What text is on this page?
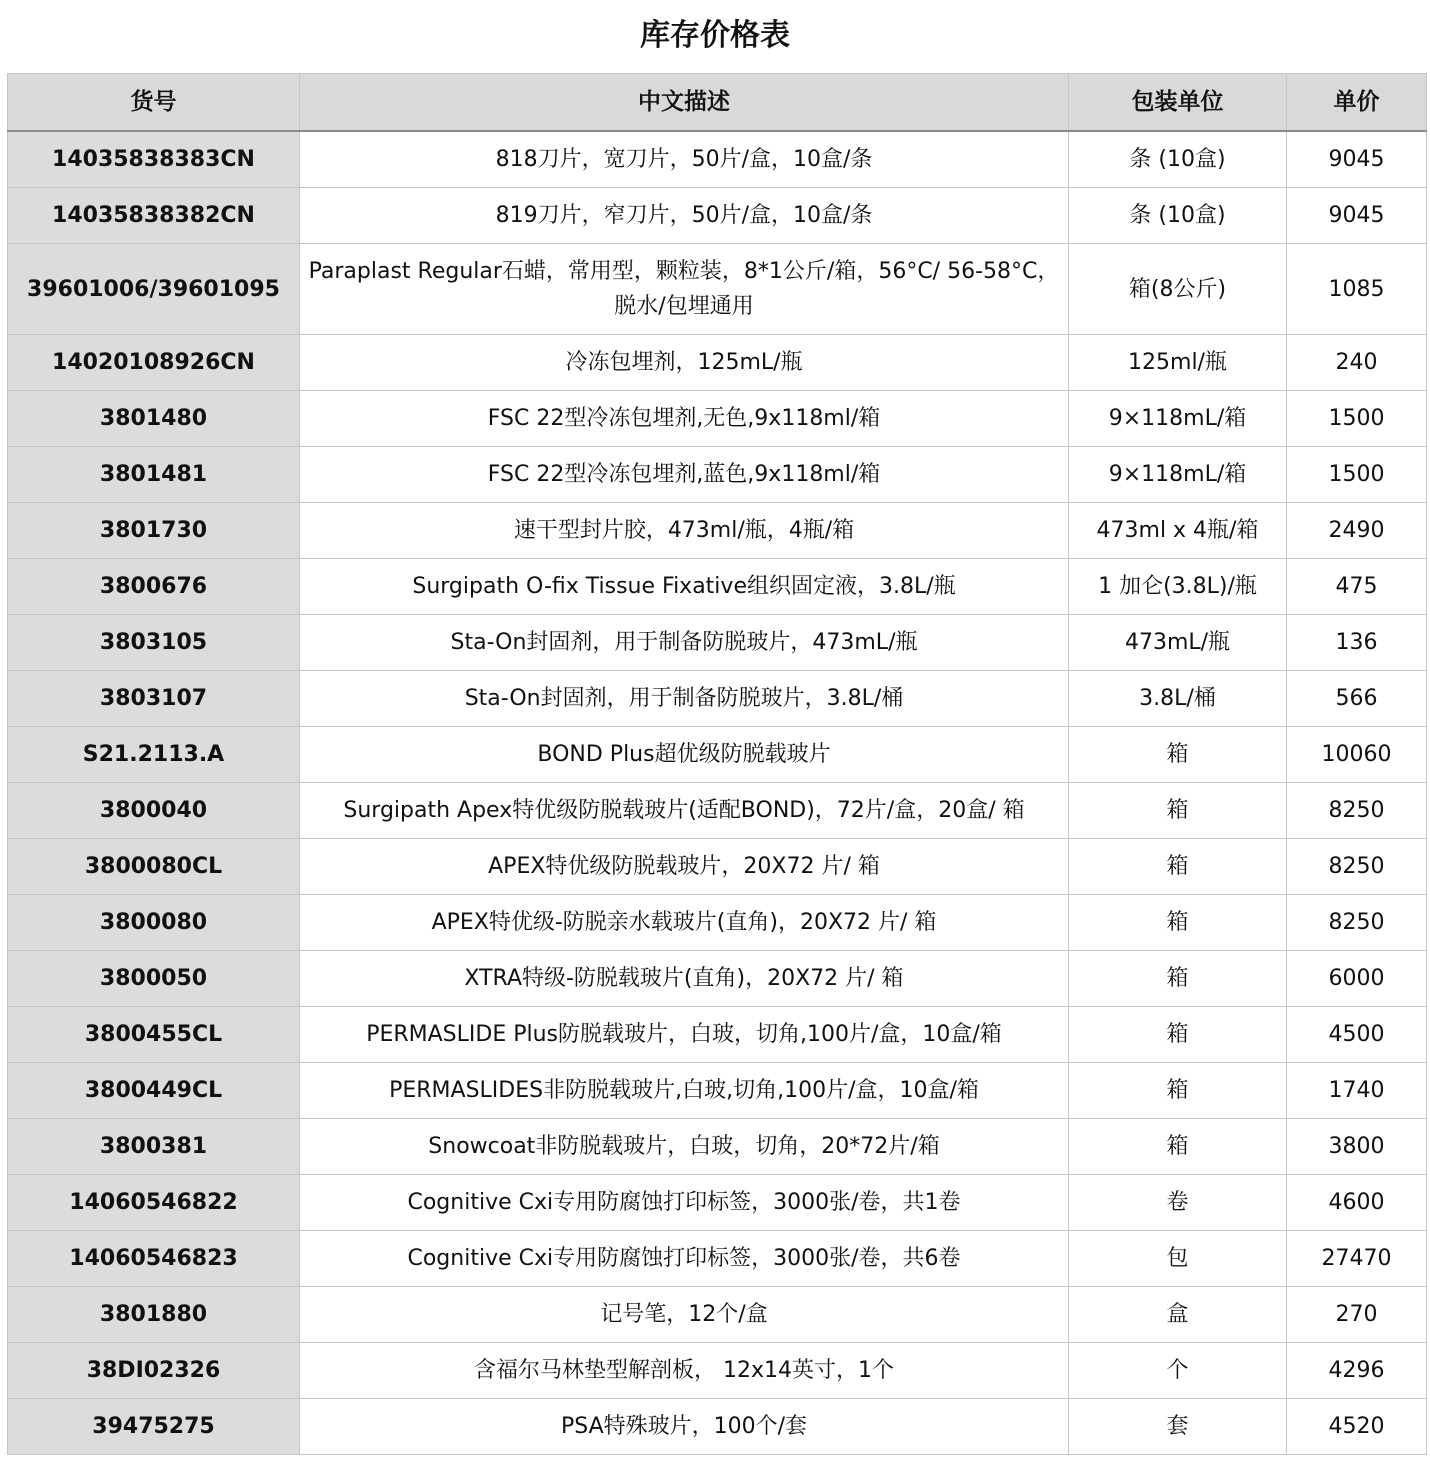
库存价格表
货号	中文描述	包装单位	单价
14035838383CN	818刀片，宽刀片，50片/盒，10盒/条	条 (10盒)	9045
14035838382CN	819刀片，窄刀片，50片/盒，10盒/条	条 (10盒)	9045
39601006/39601095	Paraplast Regular石蜡，常用型，颗粒装，8*1公斤/箱，56°C/ 56-58°C，脱水/包埋通用	箱(8公斤)	1085
14020108926CN	冷冻包埋剂，125mL/瓶	125ml/瓶	240
3801480	FSC 22型冷冻包埋剂,无色,9x118ml/箱	9×118mL/箱	1500
3801481	FSC 22型冷冻包埋剂,蓝色,9x118ml/箱	9×118mL/箱	1500
3801730	速干型封片胶，473ml/瓶，4瓶/箱	473ml x 4瓶/箱	2490
3800676	Surgipath O-fix Tissue Fixative组织固定液，3.8L/瓶	1 加仑(3.8L)/瓶	475
3803105	Sta-On封固剂，用于制备防脱玻片，473mL/瓶	473mL/瓶	136
3803107	Sta-On封固剂，用于制备防脱玻片，3.8L/桶	3.8L/桶	566
S21.2113.A	BOND Plus超优级防脱载玻片	箱	10060
3800040	Surgipath Apex特优级防脱载玻片(适配BOND)，72片/盒，20盒/ 箱	箱	8250
3800080CL	APEX特优级防脱载玻片，20X72 片/ 箱	箱	8250
3800080	APEX特优级-防脱亲水载玻片(直角)，20X72 片/ 箱	箱	8250
3800050	XTRA特级-防脱载玻片(直角)，20X72 片/ 箱	箱	6000
3800455CL	PERMASLIDE Plus防脱载玻片，白玻，切角,100片/盒，10盒/箱	箱	4500
3800449CL	PERMASLIDES非防脱载玻片,白玻,切角,100片/盒，10盒/箱	箱	1740
3800381	Snowcoat非防脱载玻片，白玻，切角，20*72片/箱	箱	3800
14060546822	Cognitive Cxi专用防腐蚀打印标签，3000张/卷，共1卷	卷	4600
14060546823	Cognitive Cxi专用防腐蚀打印标签，3000张/卷，共6卷	包	27470
3801880	记号笔，12个/盒	盒	270
38DI02326	含福尔马林垫型解剖板， 12x14英寸，1个	个	4296
39475275	PSA特殊玻片，100个/套	套	4520
